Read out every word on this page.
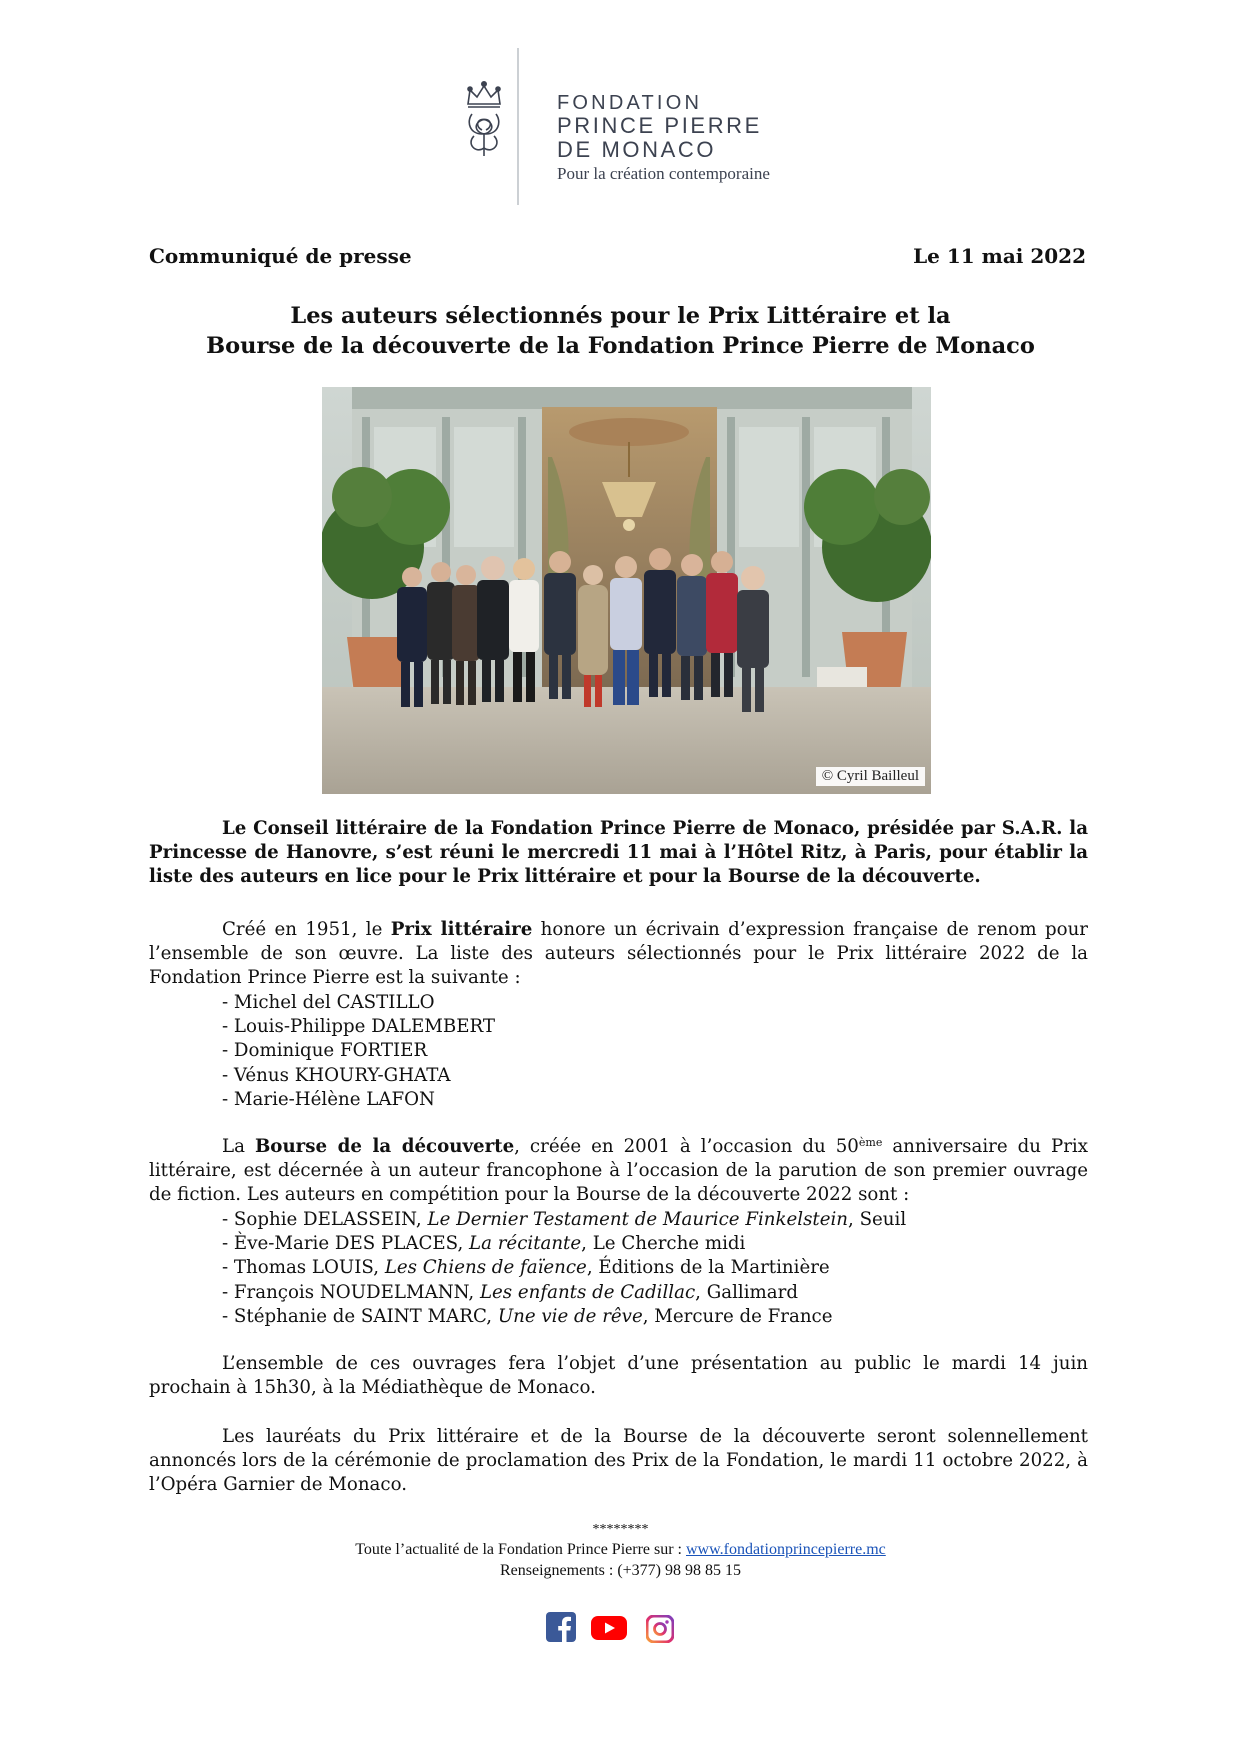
FONDATION
PRINCE PIERRE
DE MONACO
Pour la création contemporaine
Communiqué de presse	Le 11 mai 2022
Les auteurs sélectionnés pour le Prix Littéraire et la
Bourse de la découverte de la Fondation Prince Pierre de Monaco
© Cyril Bailleul
Le Conseil littéraire de la Fondation Prince Pierre de Monaco, présidée par S.A.R. la Princesse de Hanovre, s’est réuni le mercredi 11 mai à l’Hôtel Ritz, à Paris, pour établir la liste des auteurs en lice pour le Prix littéraire et pour la Bourse de la découverte.
Créé en 1951, le Prix littéraire honore un écrivain d’expression française de renom pour l’ensemble de son œuvre. La liste des auteurs sélectionnés pour le Prix littéraire 2022 de la Fondation Prince Pierre est la suivante :
- Michel del CASTILLO
- Louis-Philippe DALEMBERT
- Dominique FORTIER
- Vénus KHOURY-GHATA
- Marie-Hélène LAFON
La Bourse de la découverte, créée en 2001 à l’occasion du 50ème anniversaire du Prix littéraire, est décernée à un auteur francophone à l’occasion de la parution de son premier ouvrage de fiction. Les auteurs en compétition pour la Bourse de la découverte 2022 sont :
- Sophie DELASSEIN, Le Dernier Testament de Maurice Finkelstein, Seuil
- Ève-Marie DES PLACES, La récitante, Le Cherche midi
- Thomas LOUIS, Les Chiens de faïence, Éditions de la Martinière
- François NOUDELMANN, Les enfants de Cadillac, Gallimard
- Stéphanie de SAINT MARC, Une vie de rêve, Mercure de France
L’ensemble de ces ouvrages fera l’objet d’une présentation au public le mardi 14 juin prochain à 15h30, à la Médiathèque de Monaco.
Les lauréats du Prix littéraire et de la Bourse de la découverte seront solennellement annoncés lors de la cérémonie de proclamation des Prix de la Fondation, le mardi 11 octobre 2022, à l’Opéra Garnier de Monaco.
********
Toute l’actualité de la Fondation Prince Pierre sur : www.fondationprincepierre.mc
Renseignements : (+377) 98 98 85 15
